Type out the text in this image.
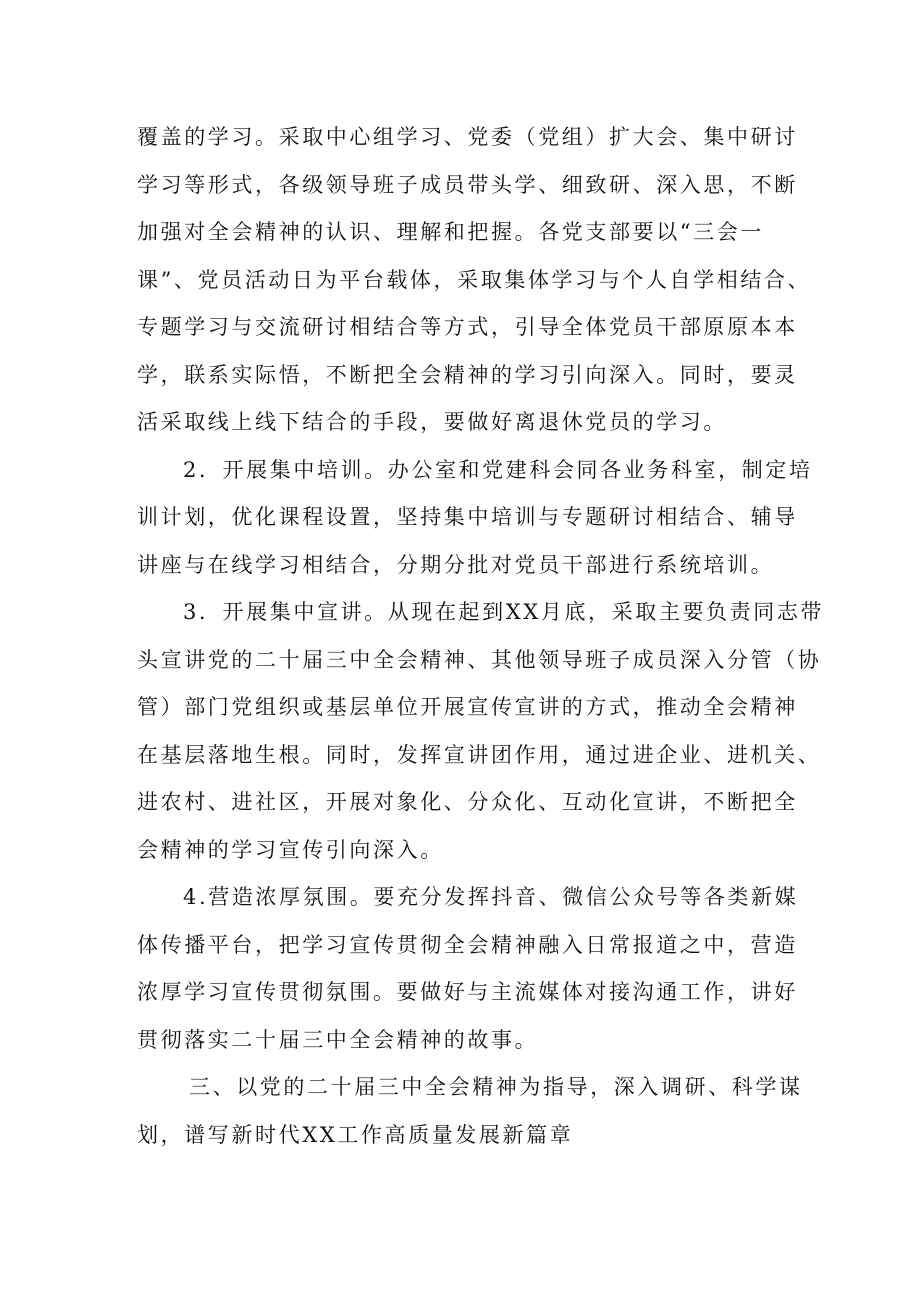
覆盖的学习。采取中心组学习、党委（党组）扩大会、集中研讨
学习等形式，各级领导班子成员带头学、细致研、深入思，不断
加强对全会精神的认识、理解和把握。各党支部要以“三会一
课”、党员活动日为平台载体，采取集体学习与个人自学相结合、
专题学习与交流研讨相结合等方式，引导全体党员干部原原本本
学，联系实际悟，不断把全会精神的学习引向深入。同时，要灵
活采取线上线下结合的手段，要做好离退休党员的学习。
2．开展集中培训。办公室和党建科会同各业务科室，制定培
训计划，优化课程设置，坚持集中培训与专题研讨相结合、辅导
讲座与在线学习相结合，分期分批对党员干部进行系统培训。
3．开展集中宣讲。从现在起到XX月底，采取主要负责同志带
头宣讲党的二十届三中全会精神、其他领导班子成员深入分管（协
管）部门党组织或基层单位开展宣传宣讲的方式，推动全会精神
在基层落地生根。同时，发挥宣讲团作用，通过进企业、进机关、
进农村、进社区，开展对象化、分众化、互动化宣讲，不断把全
会精神的学习宣传引向深入。
4.营造浓厚氛围。要充分发挥抖音、微信公众号等各类新媒
体传播平台，把学习宣传贯彻全会精神融入日常报道之中，营造
浓厚学习宣传贯彻氛围。要做好与主流媒体对接沟通工作，讲好
贯彻落实二十届三中全会精神的故事。
三、以党的二十届三中全会精神为指导，深入调研、科学谋
划，谱写新时代XX工作高质量发展新篇章
